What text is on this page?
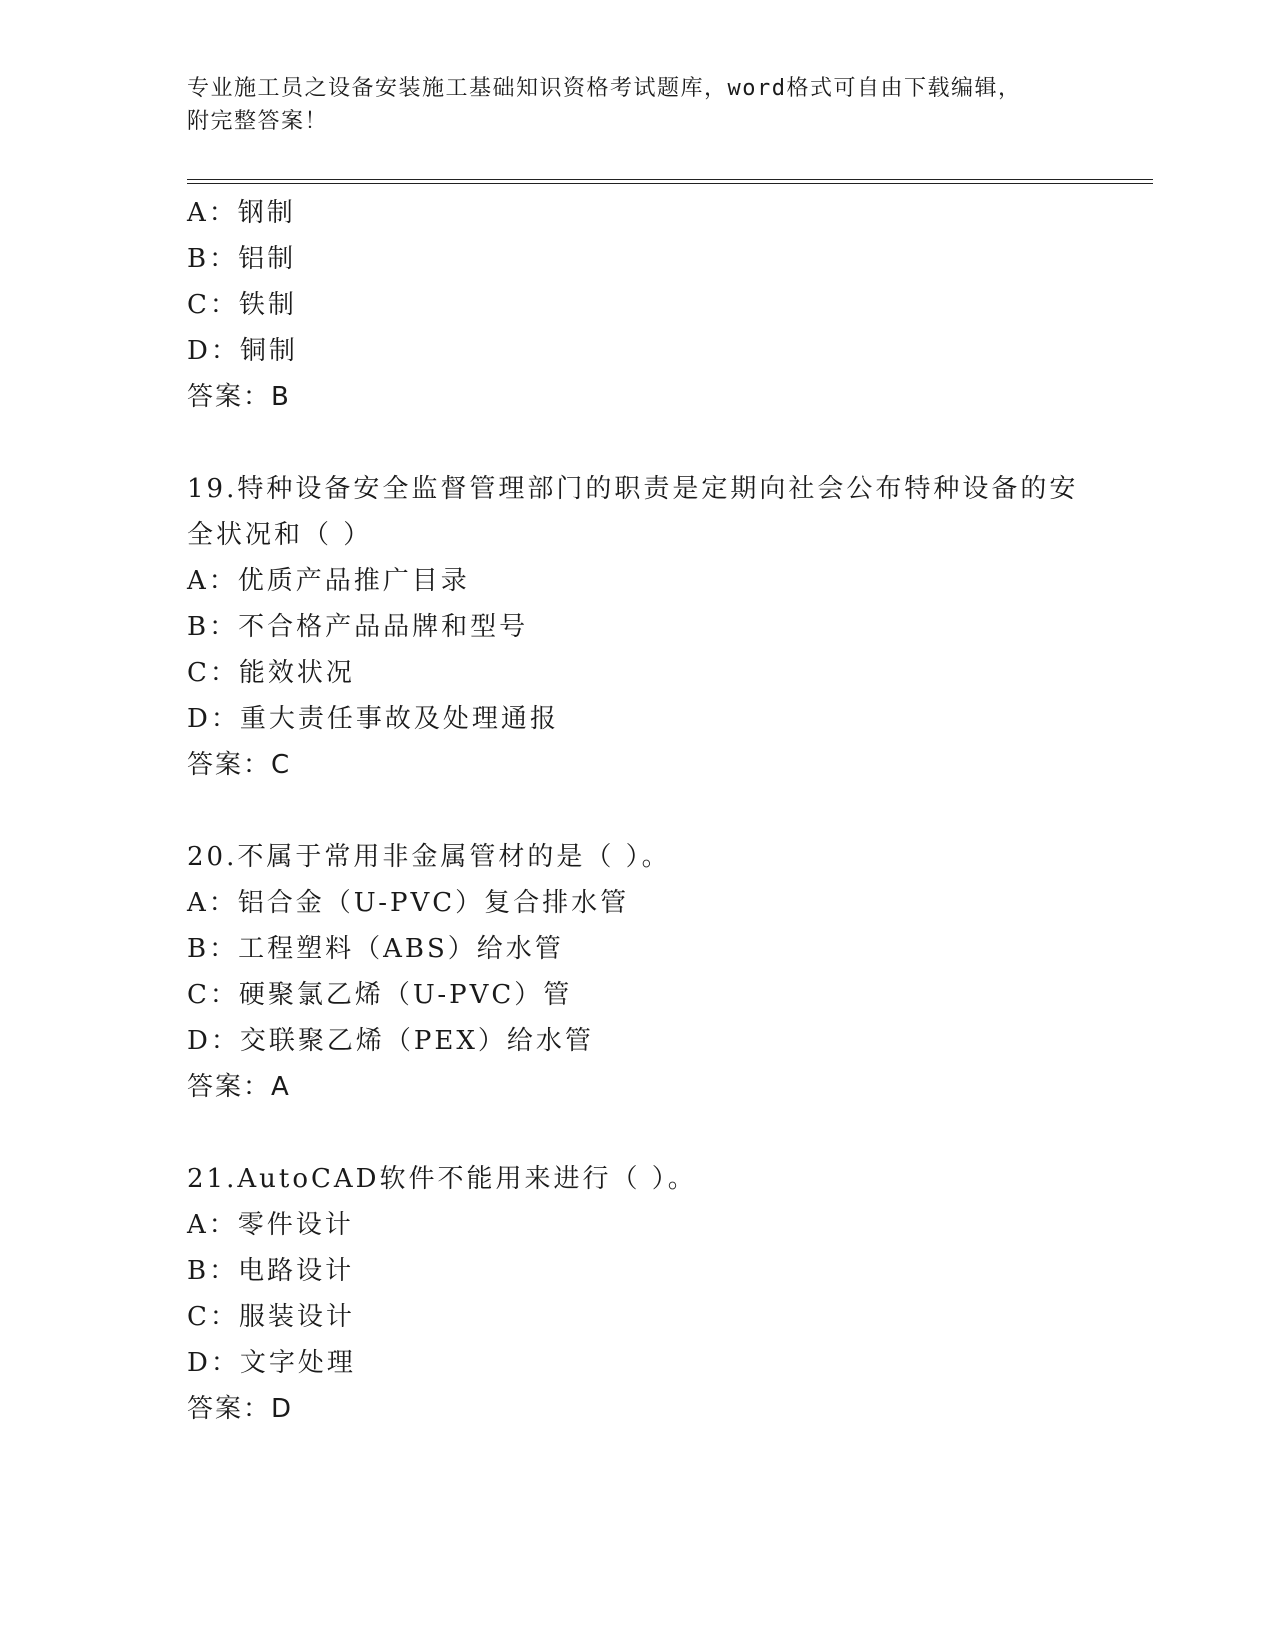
专业施工员之设备安装施工基础知识资格考试题库，word格式可自由下载编辑，
附完整答案！
A：钢制
B：铝制
C：铁制
D：铜制
答案：B
19.特种设备安全监督管理部门的职责是定期向社会公布特种设备的安
全状况和（ ）
A：优质产品推广目录
B：不合格产品品牌和型号
C：能效状况
D：重大责任事故及处理通报
答案：C
20.不属于常用非金属管材的是（ ）。
A：铝合金（U-PVC）复合排水管
B：工程塑料（ABS）给水管
C：硬聚氯乙烯（U-PVC）管
D：交联聚乙烯（PEX）给水管
答案：A
21.AutoCAD软件不能用来进行（ ）。
A：零件设计
B：电路设计
C：服装设计
D：文字处理
答案：D
